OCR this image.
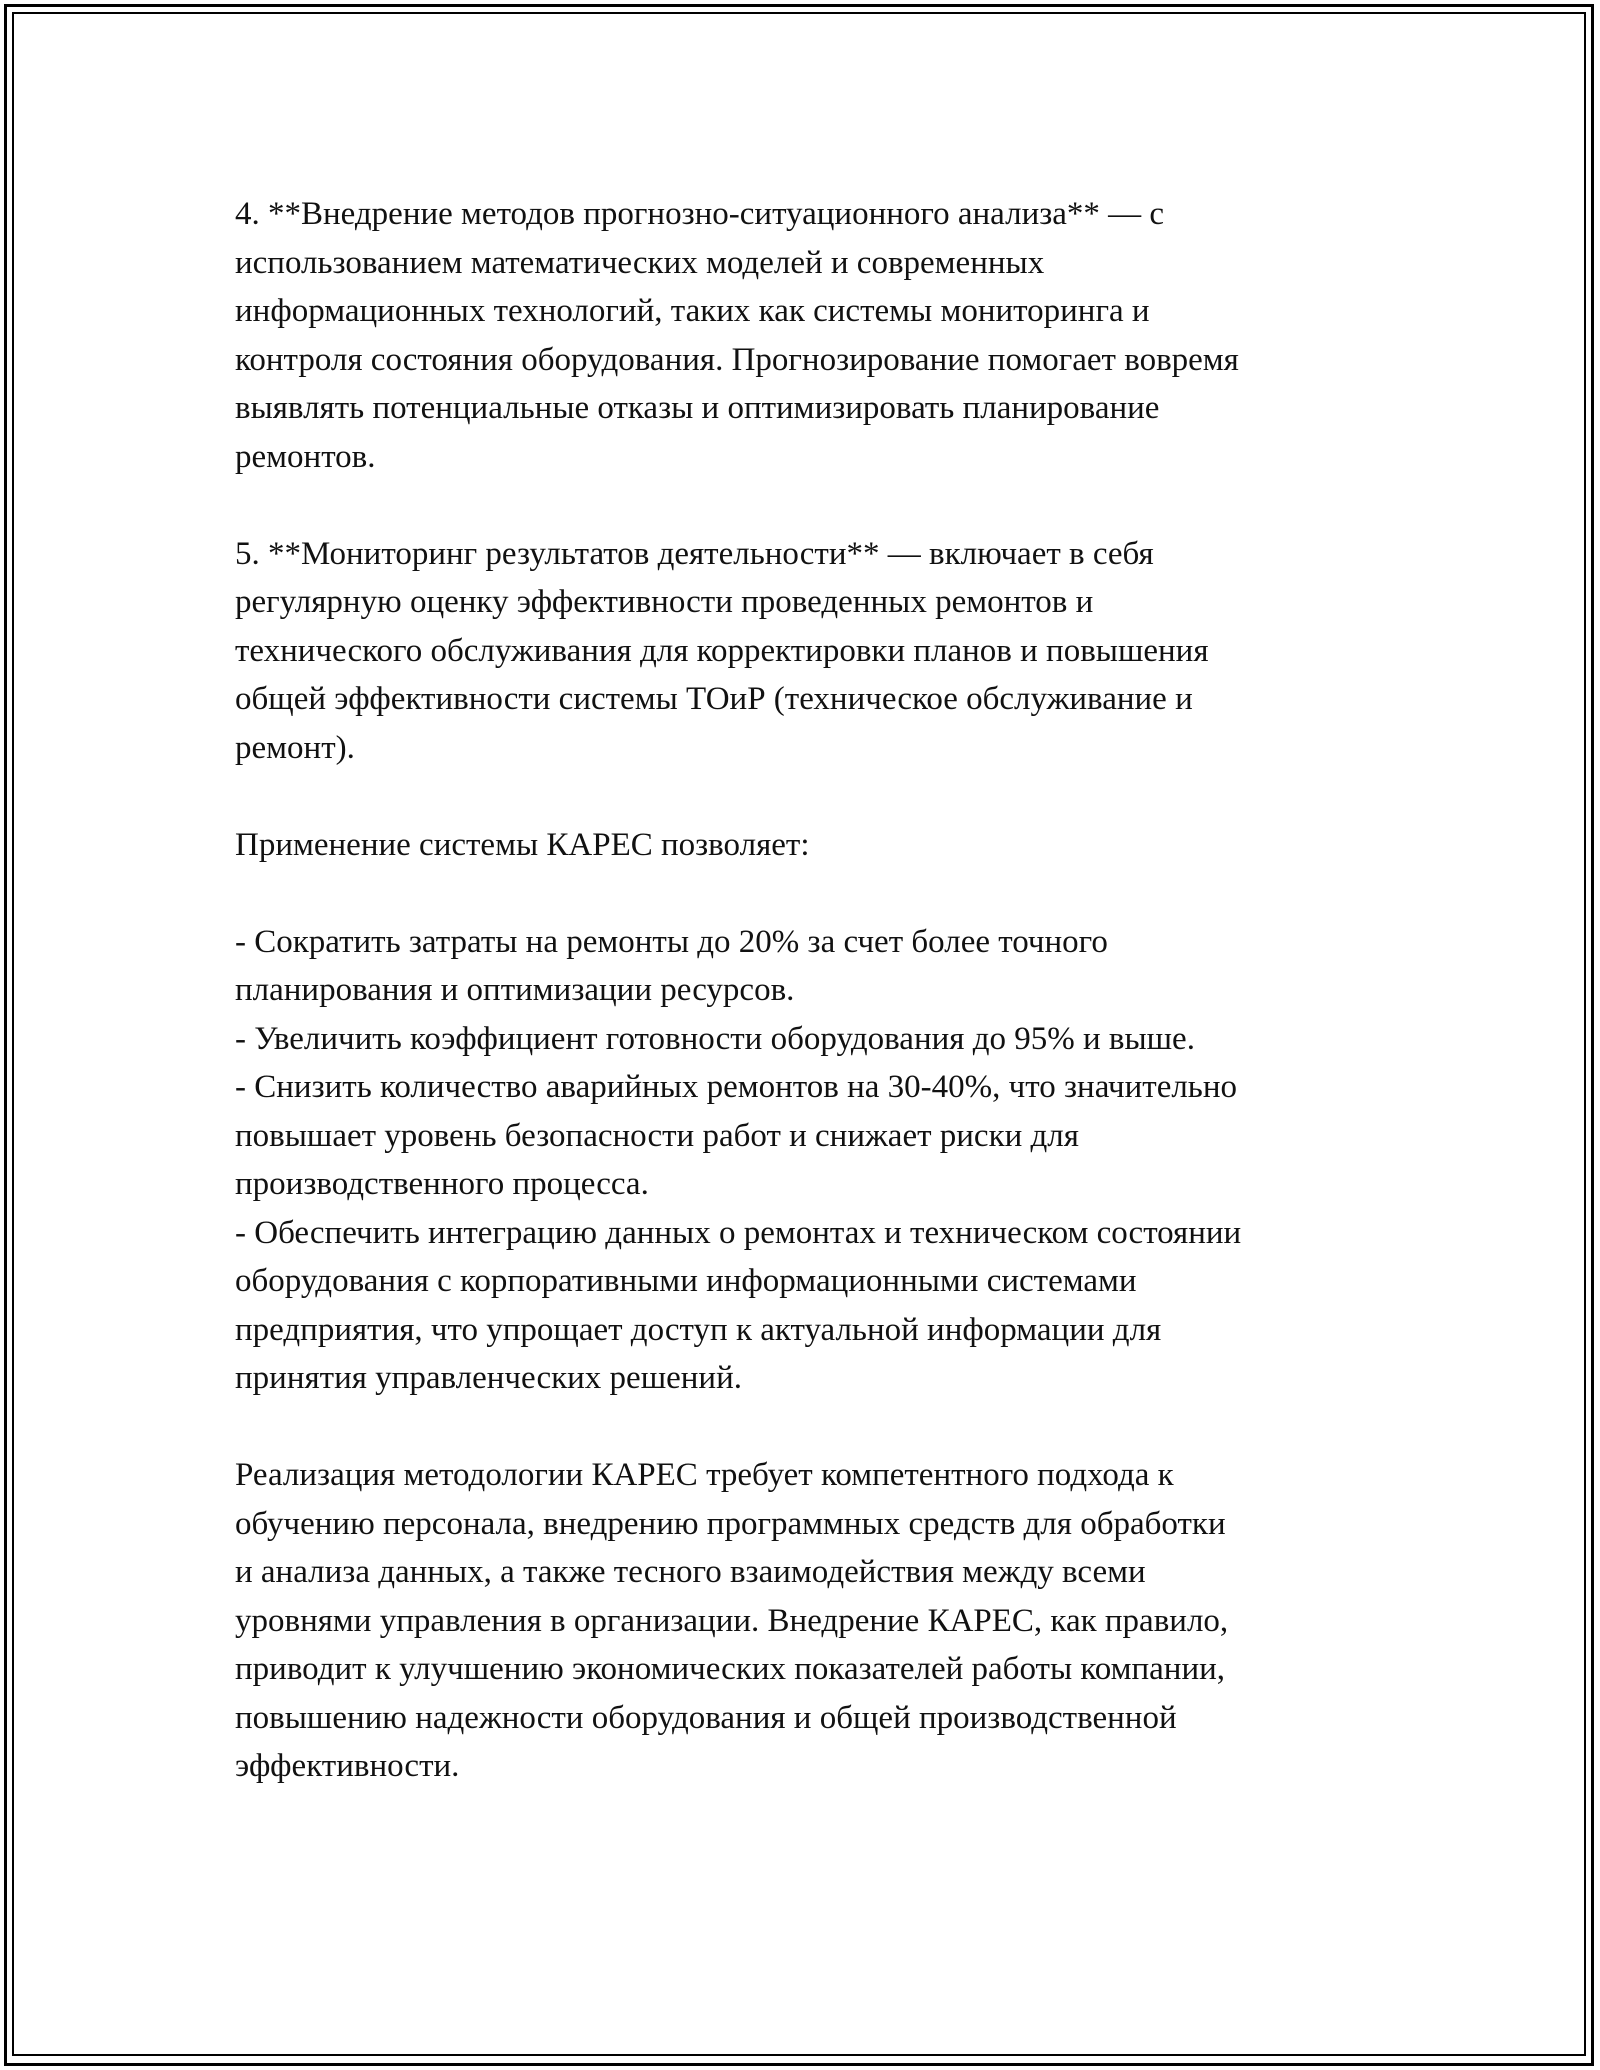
4. **Внедрение методов прогнозно-ситуационного анализа** — с
использованием математических моделей и современных
информационных технологий, таких как системы мониторинга и
контроля состояния оборудования. Прогнозирование помогает вовремя
выявлять потенциальные отказы и оптимизировать планирование
ремонтов.

5. **Мониторинг результатов деятельности** — включает в себя
регулярную оценку эффективности проведенных ремонтов и
технического обслуживания для корректировки планов и повышения
общей эффективности системы ТОиР (техническое обслуживание и
ремонт).

Применение системы КАРЕС позволяет:

- Сократить затраты на ремонты до 20% за счет более точного
планирования и оптимизации ресурсов.
- Увеличить коэффициент готовности оборудования до 95% и выше.
- Снизить количество аварийных ремонтов на 30-40%, что значительно
повышает уровень безопасности работ и снижает риски для
производственного процесса.
- Обеспечить интеграцию данных о ремонтах и техническом состоянии
оборудования с корпоративными информационными системами
предприятия, что упрощает доступ к актуальной информации для
принятия управленческих решений.

Реализация методологии КАРЕС требует компетентного подхода к
обучению персонала, внедрению программных средств для обработки
и анализа данных, а также тесного взаимодействия между всеми
уровнями управления в организации. Внедрение КАРЕС, как правило,
приводит к улучшению экономических показателей работы компании,
повышению надежности оборудования и общей производственной
эффективности.
